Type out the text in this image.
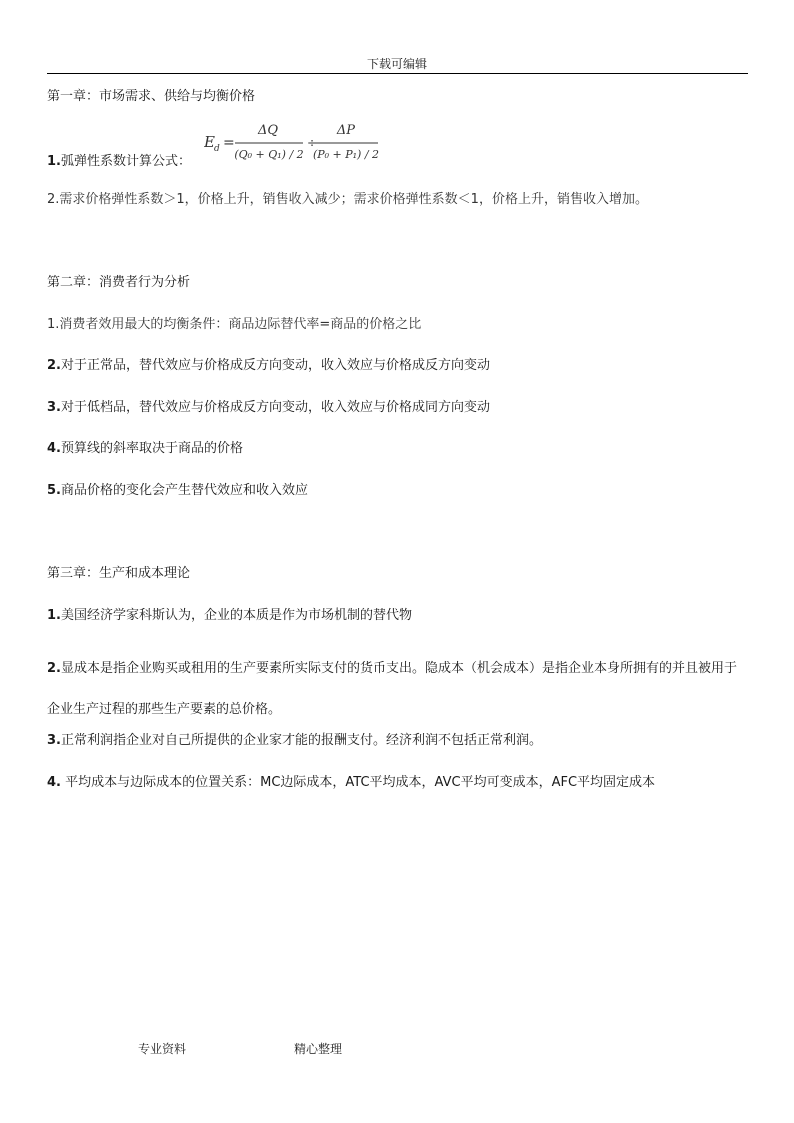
下载可编辑
第一章：市场需求、供给与均衡价格
1.弧弹性系数计算公式：
E d =
ΔQ
(Q₀ + Q₁) / 2
÷
ΔP
(P₀ + P₁) / 2
2.需求价格弹性系数＞1，价格上升，销售收入减少；需求价格弹性系数＜1，价格上升，销售收入增加。
第二章：消费者行为分析
1.消费者效用最大的均衡条件：商品边际替代率=商品的价格之比
2.对于正常品，替代效应与价格成反方向变动，收入效应与价格成反方向变动
3.对于低档品，替代效应与价格成反方向变动，收入效应与价格成同方向变动
4.预算线的斜率取决于商品的价格
5.商品价格的变化会产生替代效应和收入效应
第三章：生产和成本理论
1.美国经济学家科斯认为，企业的本质是作为市场机制的替代物
2.显成本是指企业购买或租用的生产要素所实际支付的货币支出。隐成本（机会成本）是指企业本身所拥有的并且被用于企业生产过程的那些生产要素的总价格。
3.正常利润指企业对自己所提供的企业家才能的报酬支付。经济利润不包括正常利润。
4. 平均成本与边际成本的位置关系：MC边际成本，ATC平均成本，AVC平均可变成本，AFC平均固定成本
专业资料	精心整理
